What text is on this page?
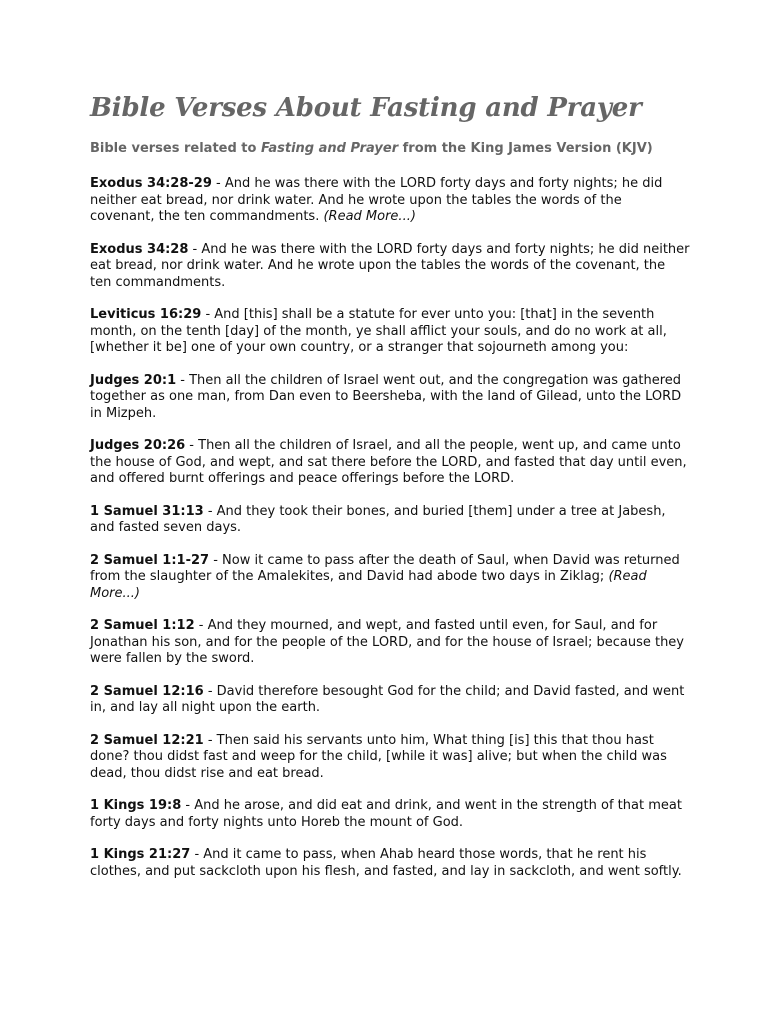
Bible Verses About Fasting and Prayer
Bible verses related to Fasting and Prayer from the King James Version (KJV)

Exodus 34:28-29 - And he was there with the LORD forty days and forty nights; he did neither eat bread, nor drink water. And he wrote upon the tables the words of the covenant, the ten commandments. (Read More...)

Exodus 34:28 - And he was there with the LORD forty days and forty nights; he did neither eat bread, nor drink water. And he wrote upon the tables the words of the covenant, the ten commandments.

Leviticus 16:29 - And [this] shall be a statute for ever unto you: [that] in the seventh month, on the tenth [day] of the month, ye shall afflict your souls, and do no work at all, [whether it be] one of your own country, or a stranger that sojourneth among you:

Judges 20:1 - Then all the children of Israel went out, and the congregation was gathered together as one man, from Dan even to Beersheba, with the land of Gilead, unto the LORD in Mizpeh.

Judges 20:26 - Then all the children of Israel, and all the people, went up, and came unto the house of God, and wept, and sat there before the LORD, and fasted that day until even, and offered burnt offerings and peace offerings before the LORD.

1 Samuel 31:13 - And they took their bones, and buried [them] under a tree at Jabesh, and fasted seven days.

2 Samuel 1:1-27 - Now it came to pass after the death of Saul, when David was returned from the slaughter of the Amalekites, and David had abode two days in Ziklag; (Read More...)

2 Samuel 1:12 - And they mourned, and wept, and fasted until even, for Saul, and for Jonathan his son, and for the people of the LORD, and for the house of Israel; because they were fallen by the sword.

2 Samuel 12:16 - David therefore besought God for the child; and David fasted, and went in, and lay all night upon the earth.

2 Samuel 12:21 - Then said his servants unto him, What thing [is] this that thou hast done? thou didst fast and weep for the child, [while it was] alive; but when the child was dead, thou didst rise and eat bread.

1 Kings 19:8 - And he arose, and did eat and drink, and went in the strength of that meat forty days and forty nights unto Horeb the mount of God.

1 Kings 21:27 - And it came to pass, when Ahab heard those words, that he rent his clothes, and put sackcloth upon his flesh, and fasted, and lay in sackcloth, and went softly.
